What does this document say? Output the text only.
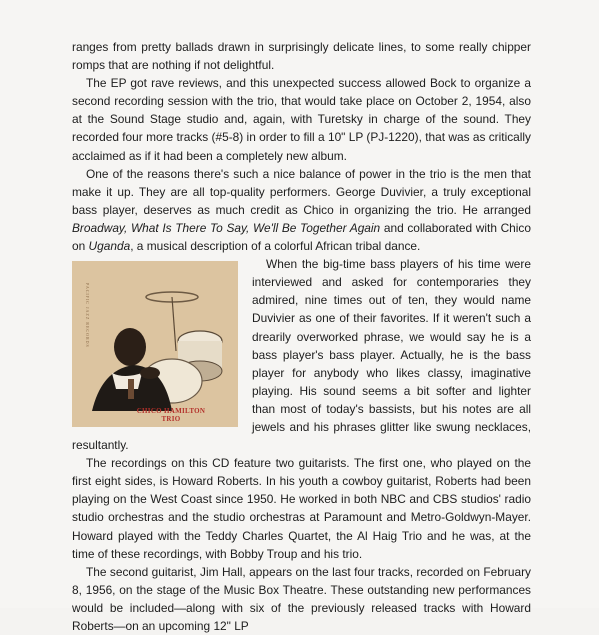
ranges from pretty ballads drawn in surprisingly delicate lines, to some really chipper romps that are nothing if not delightful.

The EP got rave reviews, and this unexpected success allowed Bock to organize a second recording session with the trio, that would take place on October 2, 1954, also at the Sound Stage studio and, again, with Turetsky in charge of the sound. They recorded four more tracks (#5-8) in order to fill a 10" LP (PJ-1220), that was as critically acclaimed as if it had been a completely new album.

One of the reasons there's such a nice balance of power in the trio is the men that make it up. They are all top-quality performers. George Duvivier, a truly exceptional bass player, deserves as much credit as Chico in organizing the trio. He arranged Broadway, What Is There To Say, We'll Be Together Again and collaborated with Chico on Uganda, a musical description of a colorful African tribal dance.

PACIFIC JAZZ RECORDS
CHICO HAMILTON
TRIO

When the big-time bass players of his time were interviewed and asked for contemporaries they admired, nine times out of ten, they would name Duvivier as one of their favorites. If it weren't such a drearily overworked phrase, we would say he is a bass player's bass player. Actually, he is the bass player for anybody who likes classy, imaginative playing. His sound seems a bit softer and lighter than most of today's bassists, but his notes are all jewels and his phrases glitter like swung necklaces, resultantly.

The recordings on this CD feature two guitarists. The first one, who played on the first eight sides, is Howard Roberts. In his youth a cowboy guitarist, Roberts had been playing on the West Coast since 1950. He worked in both NBC and CBS studios' radio studio orchestras and the studio orchestras at Paramount and Metro-Goldwyn-Mayer. Howard played with the Teddy Charles Quartet, the Al Haig Trio and he was, at the time of these recordings, with Bobby Troup and his trio.

The second guitarist, Jim Hall, appears on the last four tracks, recorded on February 8, 1956, on the stage of the Music Box Theatre. These outstanding new performances would be included—along with six of the previously released tracks with Howard Roberts—on an upcoming 12" LP
